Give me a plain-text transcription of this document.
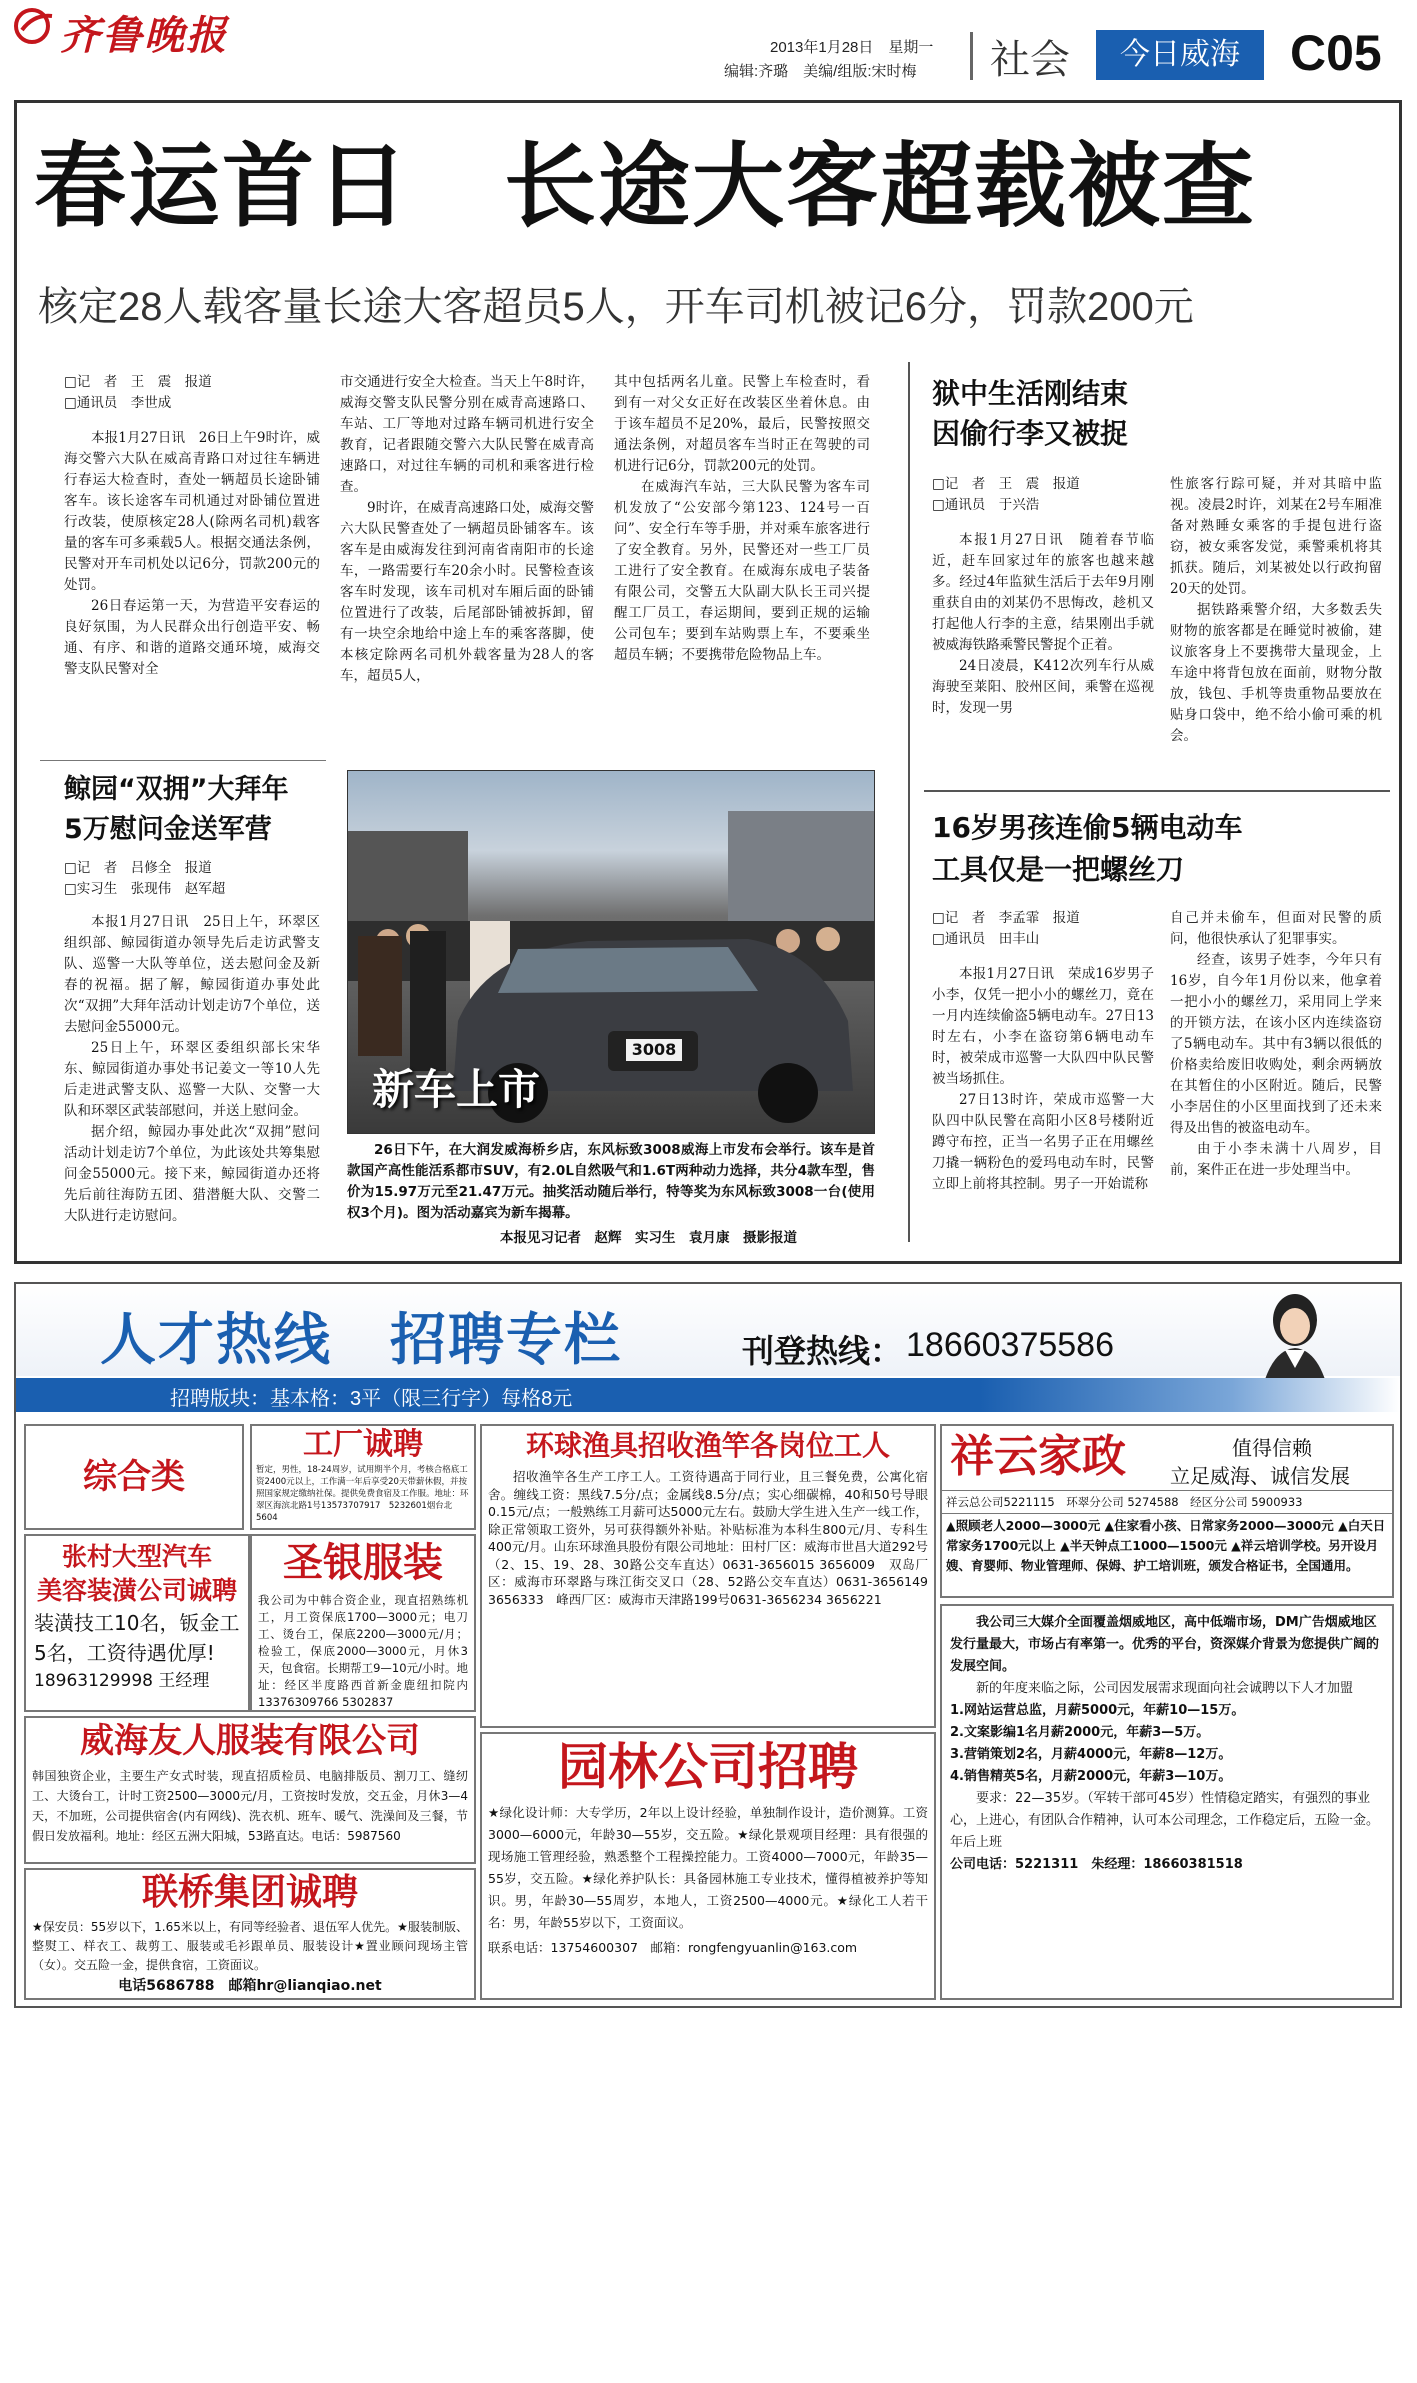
齐鲁晚报	2013年1月28日　星期一
编辑:齐璐　美编/组版:宋时梅 社会	今日威海	C05
春运首日　长途大客超载被查
核定28人载客量长途大客超员5人，开车司机被记6分，罚款200元
□记　者　王　震　报道
□通讯员　李世成

本报1月27日讯　26日上午9时许，威海交警六大队在威高青路口对过往车辆进行春运大检查时，查处一辆超员长途卧铺客车。该长途客车司机通过对卧铺位置进行改装，使原核定28人(除两名司机)载客量的客车可多乘载5人。根据交通法条例，民警对开车司机处以记6分，罚款200元的处罚。

26日春运第一天，为营造平安春运的良好氛围，为人民群众出行创造平安、畅通、有序、和谐的道路交通环境，威海交警支队民警对全

市交通进行安全大检查。当天上午8时许，威海交警支队民警分别在威青高速路口、车站、工厂等地对过路车辆司机进行安全教育，记者跟随交警六大队民警在威青高速路口，对过往车辆的司机和乘客进行检查。

9时许，在威青高速路口处，威海交警六大队民警查处了一辆超员卧铺客车。该客车是由威海发往到河南省南阳市的长途车，一路需要行车20余小时。民警检查该客车时发现，该车司机对车厢后面的卧铺位置进行了改装，后尾部卧铺被拆卸，留有一块空余地给中途上车的乘客落脚，使本核定除两名司机外载客量为28人的客车，超员5人，

其中包括两名儿童。民警上车检查时，看到有一对父女正好在改装区坐着休息。由于该车超员不足20%，最后，民警按照交通法条例，对超员客车当时正在驾驶的司机进行记6分，罚款200元的处罚。

在威海汽车站，三大队民警为客车司机发放了“公安部今第123、124号一百问”、安全行车等手册，并对乘车旅客进行了安全教育。另外，民警还对一些工厂员工进行了安全教育。在威海东成电子装备有限公司，交警五大队副大队长王司兴提醒工厂员工，春运期间，要到正规的运输公司包车；要到车站购票上车，不要乘坐超员车辆；不要携带危险物品上车。

狱中生活刚结束
因偷行李又被捉
□记　者　王　震　报道
□通讯员　于兴浩

本报1月27日讯　随着春节临近，赶车回家过年的旅客也越来越多。经过4年监狱生活后于去年9月刚重获自由的刘某仍不思悔改，趁机又打起他人行李的主意，结果刚出手就被威海铁路乘警民警捉个正着。

24日凌晨，K412次列车行从威海驶至莱阳、胶州区间，乘警在巡视时，发现一男

性旅客行踪可疑，并对其暗中监视。凌晨2时许，刘某在2号车厢准备对熟睡女乘客的手提包进行盗窃，被女乘客发觉，乘警乘机将其抓获。随后，刘某被处以行政拘留20天的处罚。

据铁路乘警介绍，大多数丢失财物的旅客都是在睡觉时被偷，建议旅客身上不要携带大量现金，上车途中将背包放在面前，财物分散放，钱包、手机等贵重物品要放在贴身口袋中，绝不给小偷可乘的机会。

16岁男孩连偷5辆电动车
工具仅是一把螺丝刀
□记　者　李孟霏　报道
□通讯员　田丰山

本报1月27日讯　荣成16岁男子小李，仅凭一把小小的螺丝刀，竟在一月内连续偷盗5辆电动车。27日13时左右，小李在盗窃第6辆电动车时，被荣成市巡警一大队四中队民警被当场抓住。

27日13时许，荣成市巡警一大队四中队民警在高阳小区8号楼附近蹲守布控，正当一名男子正在用螺丝刀撬一辆粉色的爱玛电动车时，民警立即上前将其控制。男子一开始谎称

自己并未偷车，但面对民警的质问，他很快承认了犯罪事实。

经查，该男子姓李，今年只有16岁，自今年1月份以来，他拿着一把小小的螺丝刀，采用同上学来的开锁方法，在该小区内连续盗窃了5辆电动车。其中有3辆以很低的价格卖给废旧收购处，剩余两辆放在其暂住的小区附近。随后，民警小李居住的小区里面找到了还未来得及出售的被盗电动车。

由于小李未满十八周岁，目前，案件正在进一步处理当中。

鲸园“双拥”大拜年
5万慰问金送军营
□记　者　吕修全　报道
□实习生　张现伟　赵军超

本报1月27日讯　25日上午，环翠区组织部、鲸园街道办领导先后走访武警支队、巡警一大队等单位，送去慰问金及新春的祝福。据了解，鲸园街道办事处此次“双拥”大拜年活动计划走访7个单位，送去慰问金55000元。

25日上午，环翠区委组织部长宋华东、鲸园街道办事处书记姜文一等10人先后走进武警支队、巡警一大队、交警一大队和环翠区武装部慰问，并送上慰问金。

据介绍，鲸园办事处此次“双拥”慰问活动计划走访7个单位，为此该处共筹集慰问金55000元。接下来，鲸园街道办还将先后前往海防五团、猎潜艇大队、交警二大队进行走访慰问。

3008
新车上市
26日下午，在大润发威海桥乡店，东风标致3008威海上市发布会举行。该车是首款国产高性能活系都市SUV，有2.0L自然吸气和1.6T两种动力选择，共分4款车型，售价为15.97万元至21.47万元。抽奖活动随后举行，特等奖为东风标致3008一台(使用权3个月)。图为活动嘉宾为新车揭幕。
本报见习记者　赵辉　实习生　袁月康　摄影报道
人才热线　招聘专栏	刊登热线： 18660375586
招聘版块：基本格：3平（限三行字）每格8元
综合类
工厂诚聘
暂定，男性，18-24周岁，试用期半个月，考核合格底工资2400元以上，工作满一年后享受20天带薪休假，并按照国家规定缴纳社保。提供免费食宿及工作服。地址：环翠区海滨北路1号13573707917　5232601烟台北5604
张村大型汽车
美容装潢公司诚聘
装潢技工10名，钣金工5名，工资待遇优厚!
18963129998 王经理
圣银服装
我公司为中韩合资企业，现直招熟练机工，月工资保底1700—3000元；电刀工、烫台工，保底2200—3000元/月；检验工，保底2000—3000元，月休3天，包食宿。长期帮工9—10元/小时。地址：经区半度路西首新金鹿纽扣院内13376309766 5302837
威海友人服装有限公司
韩国独资企业，主要生产女式时装，现直招质检员、电脑排版员、割刀工、缝纫工、大烫台工，计时工资2500—3000元/月，工资按时发放，交五金，月休3—4天，不加班，公司提供宿舍(内有网线)、洗衣机、班车、暖气、洗澡间及三餐，节假日发放福利。地址：经区五洲大阳城，53路直达。电话：5987560
联桥集团诚聘
★保安员：55岁以下，1.65米以上，有同等经验者、退伍军人优先。★服装制版、整熨工、样衣工、裁剪工、服装或毛衫跟单员、服装设计★置业顾问现场主管（女）。交五险一金，提供食宿，工资面议。
电话5686788　邮箱hr@lianqiao.net
环球渔具招收渔竿各岗位工人
招收渔竿各生产工序工人。工资待遇高于同行业，且三餐免费，公寓化宿舍。缠线工资：黑线7.5分/点；金属线8.5分/点；实心细碳棉，40和50号导眼0.15元/点；一般熟练工月薪可达5000元左右。鼓励大学生进入生产一线工作，除正常领取工资外，另可获得额外补贴。补贴标准为本科生800元/月、专科生400元/月。山东环球渔具股份有限公司地址：田村厂区：威海市世昌大道292号（2、15、19、28、30路公交车直达）0631-3656015 3656009　双岛厂区：威海市环翠路与珠江街交叉口（28、52路公交车直达）0631-3656149 3656333　峰西厂区：威海市天津路199号0631-3656234 3656221
园林公司招聘
★绿化设计师：大专学历，2年以上设计经验，单独制作设计，造价测算。工资3000—6000元，年龄30—55岁，交五险。★绿化景观项目经理：具有很强的现场施工管理经验，熟悉整个工程操控能力。工资4000—7000元，年龄35—55岁，交五险。★绿化养护队长：具备园林施工专业技术，懂得植被养护等知识。男，年龄30—55周岁，本地人，工资2500—4000元。★绿化工人若干名：男，年龄55岁以下，工资面议。
联系电话：13754600307　邮箱：rongfengyuanlin@163.com
祥云家政	值得信赖
立足威海、诚信发展
祥云总公司5221115　环翠分公司 5274588　经区分公司 5900933
▲照顾老人2000—3000元 ▲住家看小孩、日常家务2000—3000元 ▲白天日常家务1700元以上 ▲半天钟点工1000—1500元 ▲祥云培训学校。另开设月嫂、育婴师、物业管理师、保姆、护工培训班，颁发合格证书，全国通用。
我公司三大媒介全面覆盖烟威地区，高中低端市场，DM广告烟威地区发行量最大，市场占有率第一。优秀的平台，资深媒介背景为您提供广阔的发展空间。
新的年度来临之际，公司因发展需求现面向社会诚聘以下人才加盟
1.网站运营总监，月薪5000元，年薪10—15万。
2.文案影编1名月薪2000元，年薪3—5万。
3.营销策划2名，月薪4000元，年薪8—12万。
4.销售精英5名，月薪2000元，年薪3—10万。
要求：22—35岁。（军转干部可45岁）性情稳定踏实，有强烈的事业心，上进心，有团队合作精神，认可本公司理念，工作稳定后，五险一金。年后上班
公司电话：5221311　朱经理：18660381518
